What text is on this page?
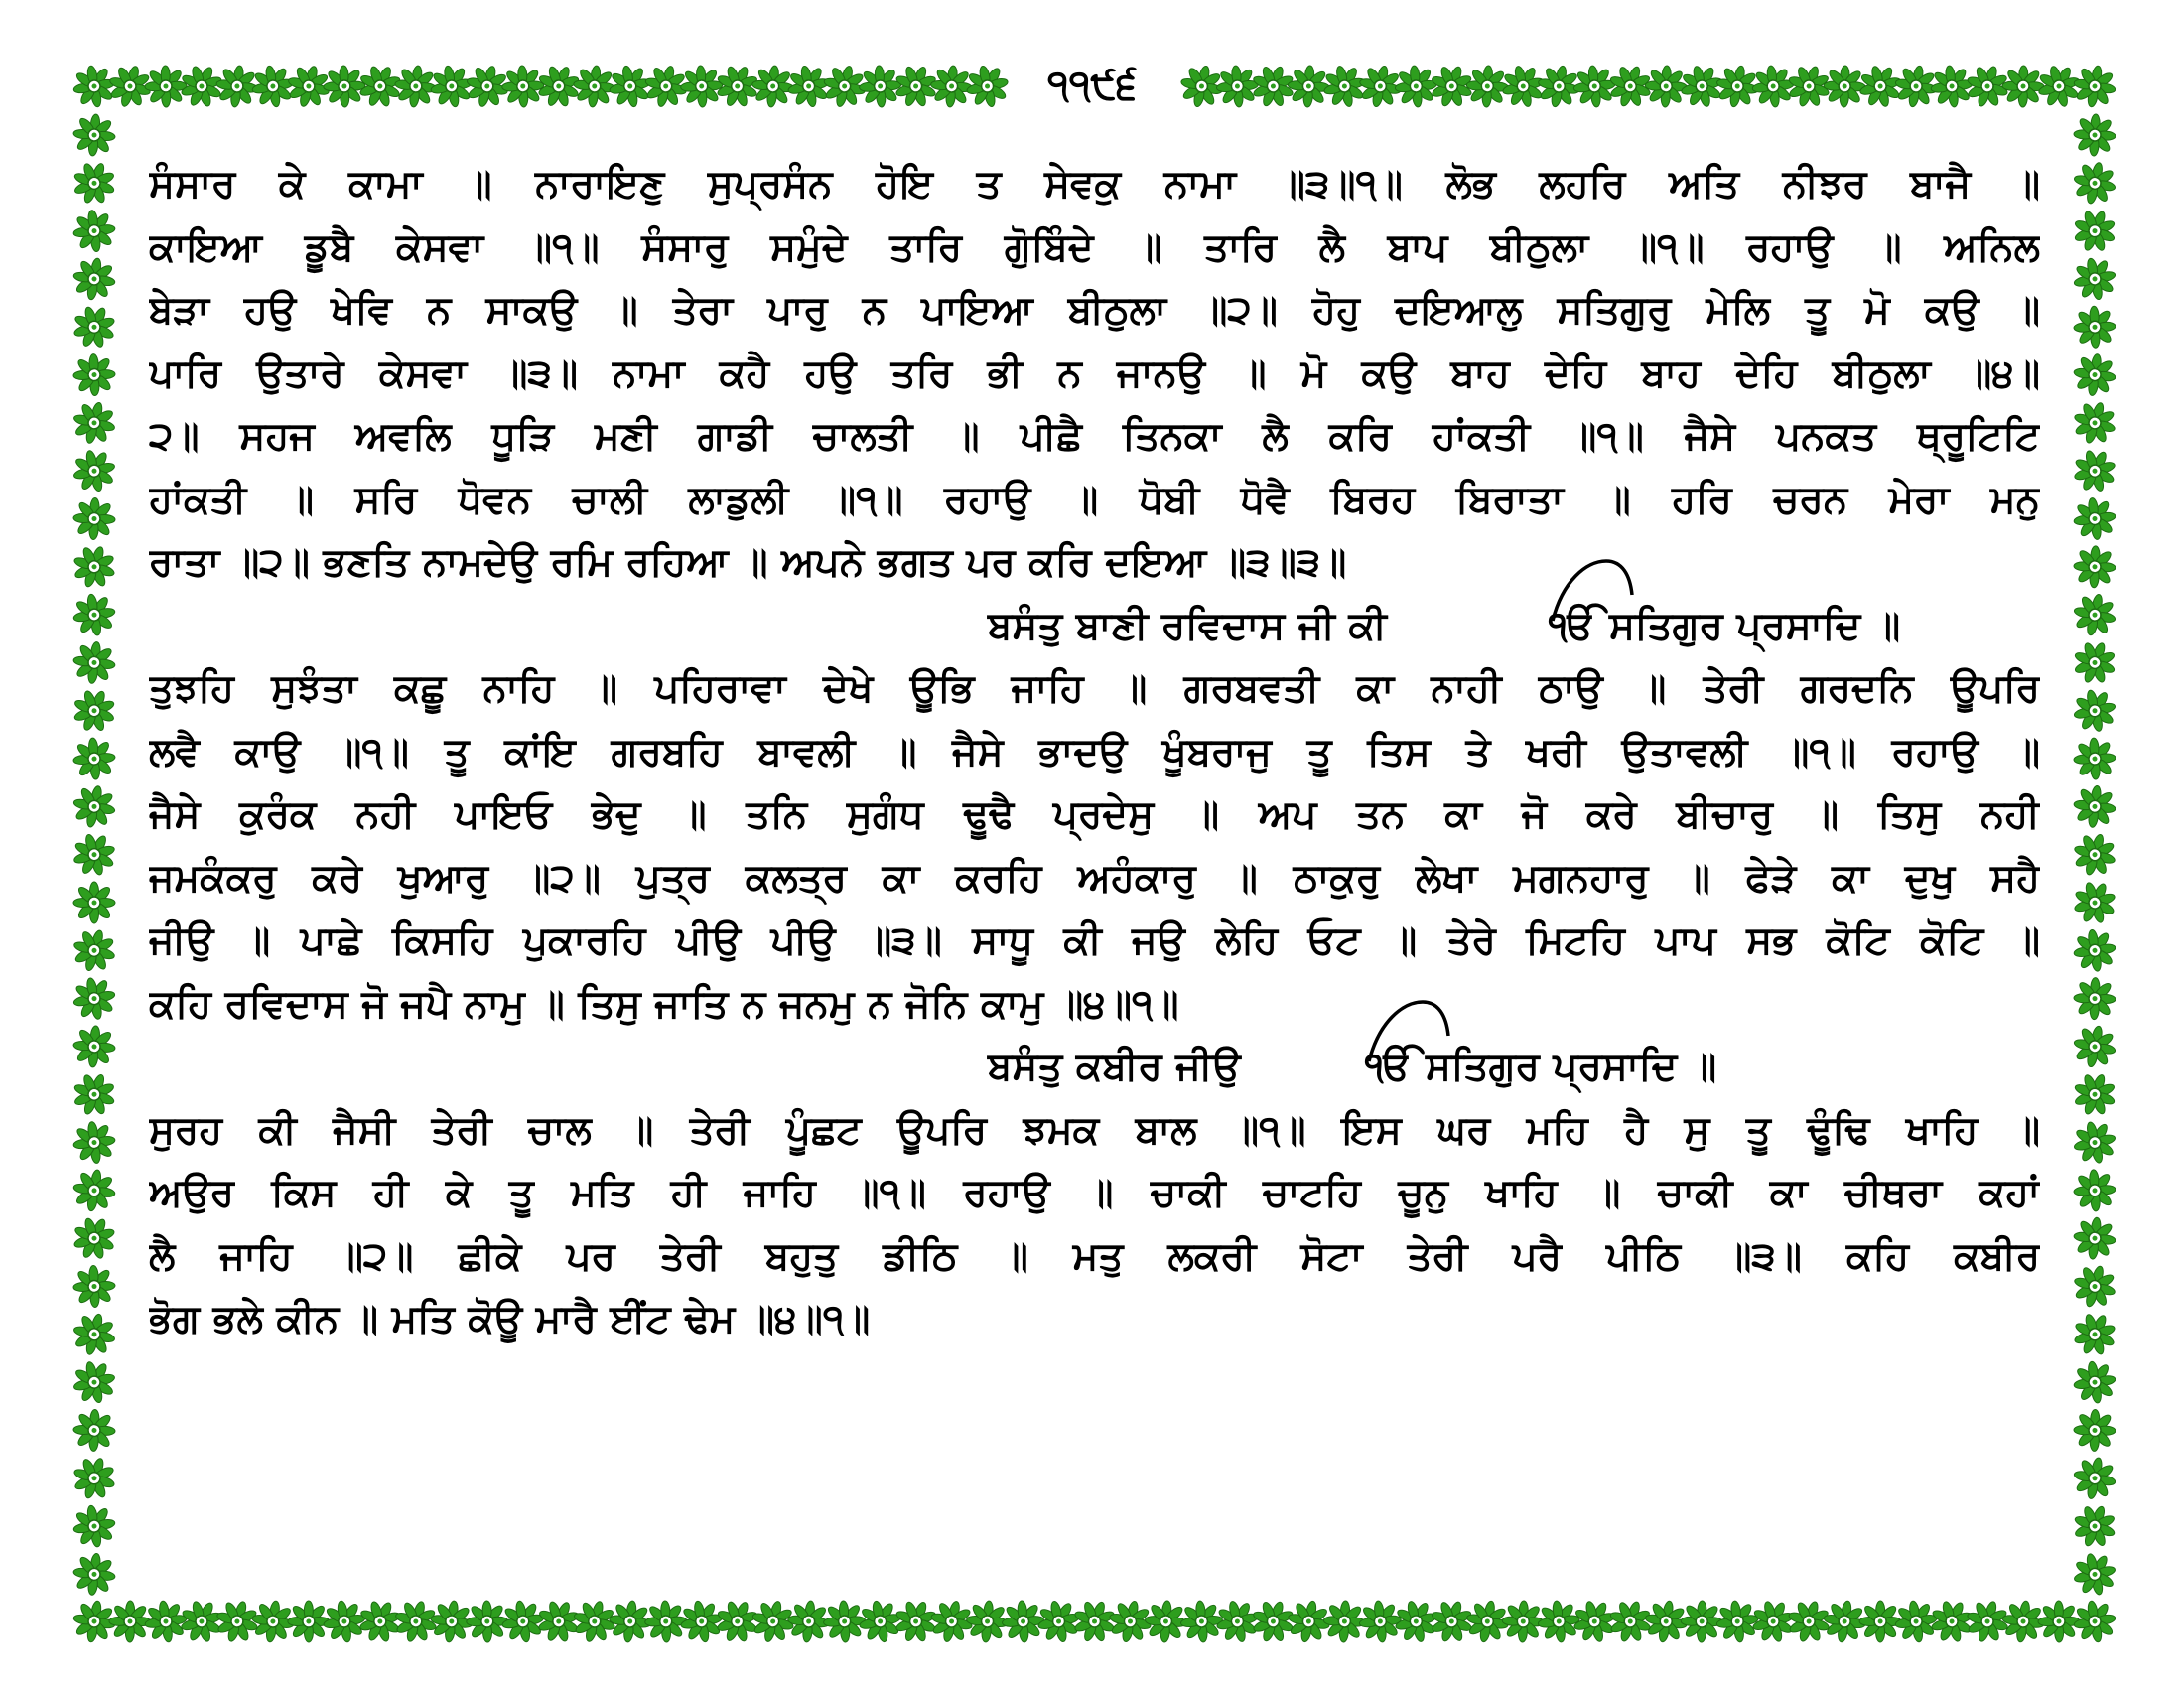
੧੧੯੬
ਸੰਸਾਰ ਕੇ ਕਾਮਾ ॥ ਨਾਰਾਇਣੁ ਸੁਪ੍ਰਸੰਨ ਹੋਇ ਤ ਸੇਵਕੁ ਨਾਮਾ ॥੩॥੧॥ ਲੋਭ ਲਹਰਿ ਅਤਿ ਨੀਝਰ ਬਾਜੈ ॥
ਕਾਇਆ ਡੂਬੈ ਕੇਸਵਾ ॥੧॥ ਸੰਸਾਰੁ ਸਮੁੰਦੇ ਤਾਰਿ ਗੋੁਬਿੰਦੇ ॥ ਤਾਰਿ ਲੈ ਬਾਪ ਬੀਠੁਲਾ ॥੧॥ ਰਹਾਉ ॥ ਅਨਿਲ
ਬੇੜਾ ਹਉ ਖੇਵਿ ਨ ਸਾਕਉ ॥ ਤੇਰਾ ਪਾਰੁ ਨ ਪਾਇਆ ਬੀਠੁਲਾ ॥੨॥ ਹੋਹੁ ਦਇਆਲੁ ਸਤਿਗੁਰੁ ਮੇਲਿ ਤੂ ਮੋ ਕਉ ॥
ਪਾਰਿ ਉਤਾਰੇ ਕੇਸਵਾ ॥੩॥ ਨਾਮਾ ਕਹੈ ਹਉ ਤਰਿ ਭੀ ਨ ਜਾਨਉ ॥ ਮੋ ਕਉ ਬਾਹ ਦੇਹਿ ਬਾਹ ਦੇਹਿ ਬੀਠੁਲਾ ॥੪॥
੨॥ ਸਹਜ ਅਵਲਿ ਧੂੜਿ ਮਣੀ ਗਾਡੀ ਚਾਲਤੀ ॥ ਪੀਛੈ ਤਿਨਕਾ ਲੈ ਕਰਿ ਹਾਂਕਤੀ ॥੧॥ ਜੈਸੇ ਪਨਕਤ ਥ੍ਰੂਟਿਟਿ
ਹਾਂਕਤੀ ॥ ਸਰਿ ਧੋਵਨ ਚਾਲੀ ਲਾਡੁਲੀ ॥੧॥ ਰਹਾਉ ॥ ਧੋਬੀ ਧੋਵੈ ਬਿਰਹ ਬਿਰਾਤਾ ॥ ਹਰਿ ਚਰਨ ਮੇਰਾ ਮਨੁ
ਰਾਤਾ ॥੨॥ ਭਣਤਿ ਨਾਮਦੇਉ ਰਮਿ ਰਹਿਆ ॥ ਅਪਨੇ ਭਗਤ ਪਰ ਕਰਿ ਦਇਆ ॥੩॥੩॥
ਬਸੰਤੁ ਬਾਣੀ ਰਵਿਦਾਸ ਜੀ ਕੀ	ੴ ਸਤਿਗੁਰ ਪ੍ਰਸਾਦਿ ॥
ਤੁਝਹਿ ਸੁਝੰਤਾ ਕਛੂ ਨਾਹਿ ॥ ਪਹਿਰਾਵਾ ਦੇਖੇ ਊਭਿ ਜਾਹਿ ॥ ਗਰਬਵਤੀ ਕਾ ਨਾਹੀ ਠਾਉ ॥ ਤੇਰੀ ਗਰਦਨਿ ਊਪਰਿ
ਲਵੈ ਕਾਉ ॥੧॥ ਤੂ ਕਾਂਇ ਗਰਬਹਿ ਬਾਵਲੀ ॥ ਜੈਸੇ ਭਾਦਉ ਖੂੰਬਰਾਜੁ ਤੂ ਤਿਸ ਤੇ ਖਰੀ ਉਤਾਵਲੀ ॥੧॥ ਰਹਾਉ ॥
ਜੈਸੇ ਕੁਰੰਕ ਨਹੀ ਪਾਇਓ ਭੇਦੁ ॥ ਤਨਿ ਸੁਗੰਧ ਢੂਢੈ ਪ੍ਰਦੇਸੁ ॥ ਅਪ ਤਨ ਕਾ ਜੋ ਕਰੇ ਬੀਚਾਰੁ ॥ ਤਿਸੁ ਨਹੀ
ਜਮਕੰਕਰੁ ਕਰੇ ਖੁਆਰੁ ॥੨॥ ਪੁਤ੍ਰ ਕਲਤ੍ਰ ਕਾ ਕਰਹਿ ਅਹੰਕਾਰੁ ॥ ਠਾਕੁਰੁ ਲੇਖਾ ਮਗਨਹਾਰੁ ॥ ਫੇੜੇ ਕਾ ਦੁਖੁ ਸਹੈ
ਜੀਉ ॥ ਪਾਛੇ ਕਿਸਹਿ ਪੁਕਾਰਹਿ ਪੀਉ ਪੀਉ ॥੩॥ ਸਾਧੂ ਕੀ ਜਉ ਲੇਹਿ ਓਟ ॥ ਤੇਰੇ ਮਿਟਹਿ ਪਾਪ ਸਭ ਕੋਟਿ ਕੋਟਿ ॥
ਕਹਿ ਰਵਿਦਾਸ ਜੋ ਜਪੈ ਨਾਮੁ ॥ ਤਿਸੁ ਜਾਤਿ ਨ ਜਨਮੁ ਨ ਜੋਨਿ ਕਾਮੁ ॥੪॥੧॥
ਬਸੰਤੁ ਕਬੀਰ ਜੀਉ	ੴ ਸਤਿਗੁਰ ਪ੍ਰਸਾਦਿ ॥
ਸੁਰਹ ਕੀ ਜੈਸੀ ਤੇਰੀ ਚਾਲ ॥ ਤੇਰੀ ਪੂੰਛਟ ਊਪਰਿ ਝਮਕ ਬਾਲ ॥੧॥ ਇਸ ਘਰ ਮਹਿ ਹੈ ਸੁ ਤੂ ਢੂੰਢਿ ਖਾਹਿ ॥
ਅਉਰ ਕਿਸ ਹੀ ਕੇ ਤੂ ਮਤਿ ਹੀ ਜਾਹਿ ॥੧॥ ਰਹਾਉ ॥ ਚਾਕੀ ਚਾਟਹਿ ਚੂਨੁ ਖਾਹਿ ॥ ਚਾਕੀ ਕਾ ਚੀਥਰਾ ਕਹਾਂ
ਲੈ ਜਾਹਿ ॥੨॥ ਛੀਕੇ ਪਰ ਤੇਰੀ ਬਹੁਤੁ ਡੀਠਿ ॥ ਮਤੁ ਲਕਰੀ ਸੋਟਾ ਤੇਰੀ ਪਰੈ ਪੀਠਿ ॥੩॥ ਕਹਿ ਕਬੀਰ
ਭੋਗ ਭਲੇ ਕੀਨ ॥ ਮਤਿ ਕੋਊ ਮਾਰੈ ਈਂਟ ਢੇਮ ॥੪॥੧॥
